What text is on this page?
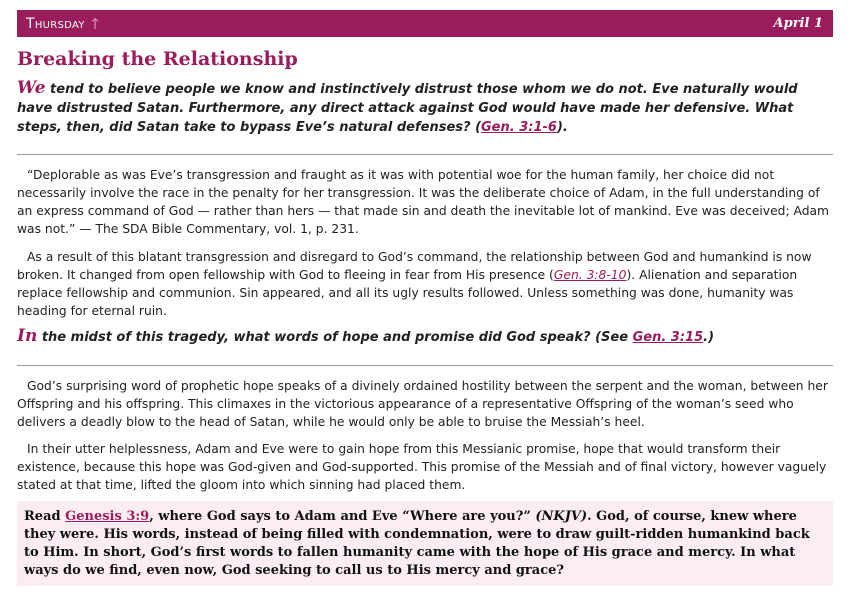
Thursday ↑	April 1
Breaking the Relationship

We tend to believe people we know and instinctively distrust those whom we do not. Eve naturally would have distrusted Satan. Furthermore, any direct attack against God would have made her defensive. What steps, then, did Satan take to bypass Eve’s natural defenses? (Gen. 3:1-6).

“Deplorable as was Eve’s transgression and fraught as it was with potential woe for the human family, her choice did not necessarily involve the race in the penalty for her transgression. It was the deliberate choice of Adam, in the full understanding of an express command of God — rather than hers — that made sin and death the inevitable lot of mankind. Eve was deceived; Adam was not.” — The SDA Bible Commentary, vol. 1, p. 231.

As a result of this blatant transgression and disregard to God’s command, the relationship between God and humankind is now broken. It changed from open fellowship with God to fleeing in fear from His presence (Gen. 3:8-10). Alienation and separation replace fellowship and communion. Sin appeared, and all its ugly results followed. Unless something was done, humanity was heading for eternal ruin.

In the midst of this tragedy, what words of hope and promise did God speak? (See Gen. 3:15.)

God’s surprising word of prophetic hope speaks of a divinely ordained hostility between the serpent and the woman, between her Offspring and his offspring. This climaxes in the victorious appearance of a representative Offspring of the woman’s seed who delivers a deadly blow to the head of Satan, while he would only be able to bruise the Messiah’s heel.

In their utter helplessness, Adam and Eve were to gain hope from this Messianic promise, hope that would transform their existence, because this hope was God-given and God-supported. This promise of the Messiah and of final victory, however vaguely stated at that time, lifted the gloom into which sinning had placed them.

Read Genesis 3:9, where God says to Adam and Eve “Where are you?” (NKJV). God, of course, knew where they were. His words, instead of being filled with condemnation, were to draw guilt-ridden humankind back to Him. In short, God’s first words to fallen humanity came with the hope of His grace and mercy. In what ways do we find, even now, God seeking to call us to His mercy and grace?
